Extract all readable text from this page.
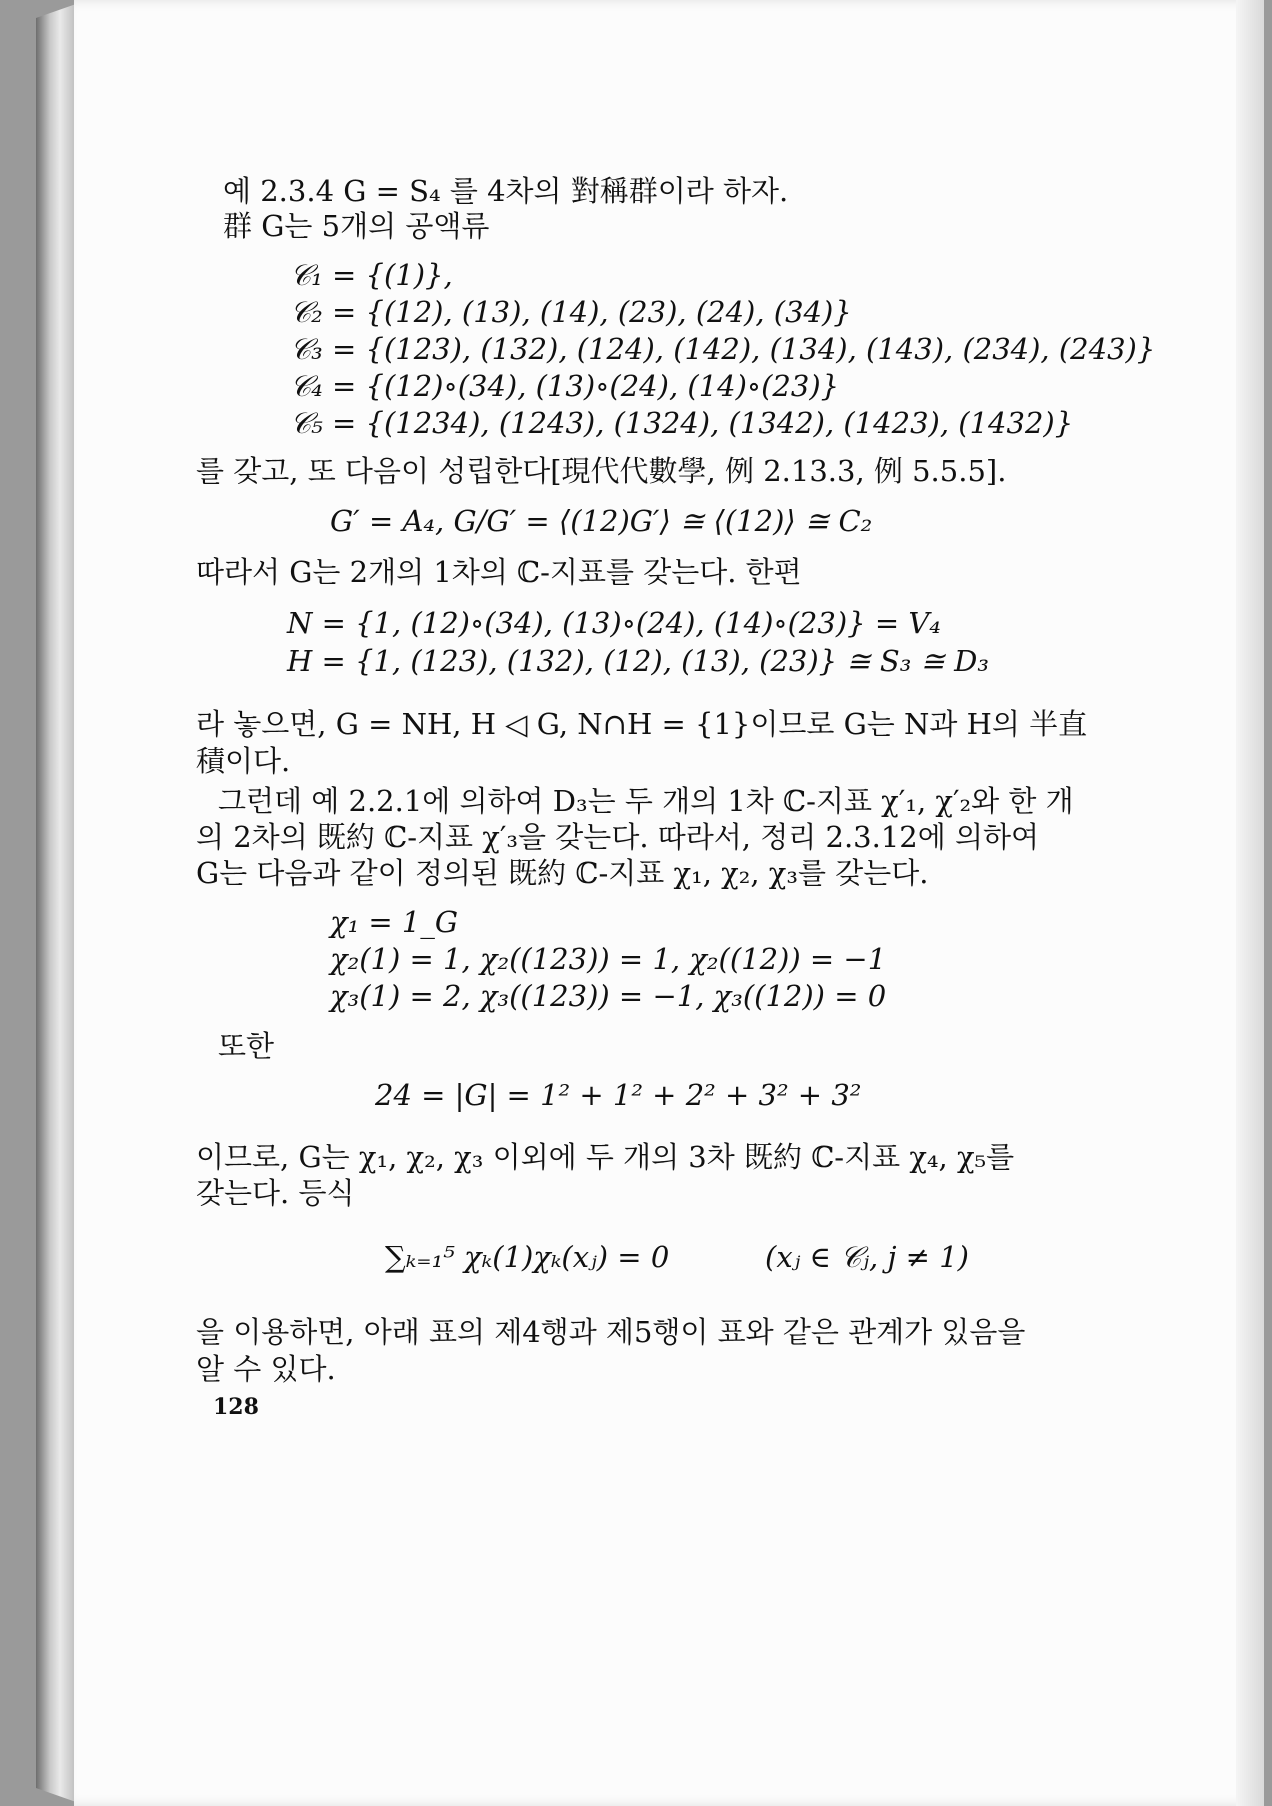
예 2.3.4 G = S₄ 를 4차의 對稱群이라 하자.
群 G는 5개의 공액류
𝒞₁ = {(1)},
𝒞₂ = {(12), (13), (14), (23), (24), (34)}
𝒞₃ = {(123), (132), (124), (142), (134), (143), (234), (243)}
𝒞₄ = {(12)∘(34), (13)∘(24), (14)∘(23)}
𝒞₅ = {(1234), (1243), (1324), (1342), (1423), (1432)}
를 갖고, 또 다음이 성립한다[現代代數學, 例 2.13.3, 例 5.5.5].
G′ = A₄, G/G′ = ⟨(12)G′⟩ ≅ ⟨(12)⟩ ≅ C₂
따라서 G는 2개의 1차의 ℂ-지표를 갖는다. 한편
N = {1, (12)∘(34), (13)∘(24), (14)∘(23)} = V₄
H = {1, (123), (132), (12), (13), (23)} ≅ S₃ ≅ D₃
라 놓으면, G = NH, H ◁ G, N∩H = {1}이므로 G는 N과 H의 半直
積이다.
그런데 예 2.2.1에 의하여 D₃는 두 개의 1차 ℂ-지표 χ′₁, χ′₂와 한 개
의 2차의 既約 ℂ-지표 χ′₃을 갖는다. 따라서, 정리 2.3.12에 의하여
G는 다음과 같이 정의된 既約 ℂ-지표 χ₁, χ₂, χ₃를 갖는다.
χ₁ = 1_G
χ₂(1) = 1, χ₂((123)) = 1, χ₂((12)) = −1
χ₃(1) = 2, χ₃((123)) = −1, χ₃((12)) = 0
또한
24 = |G| = 1² + 1² + 2² + 3² + 3²
이므로, G는 χ₁, χ₂, χ₃ 이외에 두 개의 3차 既約 ℂ-지표 χ₄, χ₅를
갖는다. 등식
∑ₖ₌₁⁵ χₖ(1)χₖ(xⱼ) = 0	(xⱼ ∈ 𝒞ⱼ, j ≠ 1)
을 이용하면, 아래 표의 제4행과 제5행이 표와 같은 관계가 있음을
알 수 있다.
128
